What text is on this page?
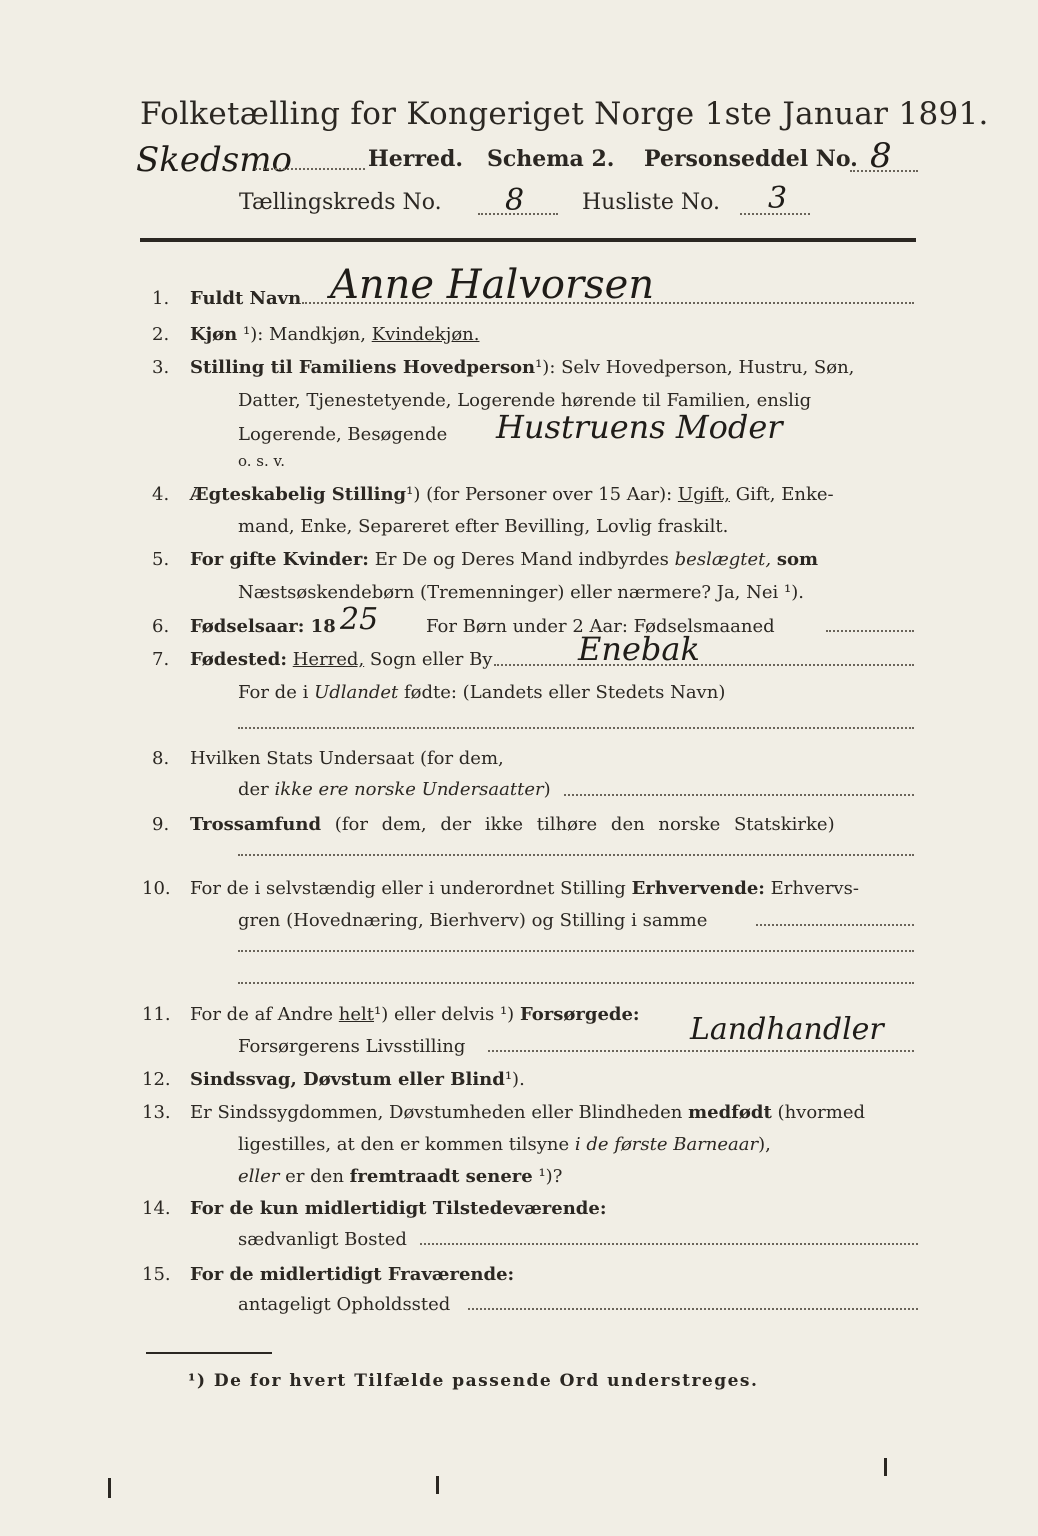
Folketælling for Kongeriget Norge 1ste Januar 1891.
Skedsmo	Herred. Schema 2. Personseddel No. 8
Tællingskreds No. 8	Husliste No. 3
1. Fuldt Navn Anne Halvorsen
2. Kjøn ¹): Mandkjøn, Kvindekjøn.
3. Stilling til Familiens Hovedperson¹): Selv Hovedperson, Hustru, Søn,
Datter, Tjenestetyende, Logerende hørende til Familien, enslig
Logerende, Besøgende Hustruens Moder
o. s. v.
4. Ægteskabelig Stilling¹) (for Personer over 15 Aar): Ugift, Gift, Enke-
mand, Enke, Separeret efter Bevilling, Lovlig fraskilt.
5. For gifte Kvinder: Er De og Deres Mand indbyrdes beslægtet, som
Næstsøskendebørn (Tremenninger) eller nærmere? Ja, Nei ¹).
6. Fødselsaar: 18 25	For Børn under 2 Aar: Fødselsmaaned
7. Fødested: Herred, Sogn eller By	Enebak
For de i Udlandet fødte: (Landets eller Stedets Navn)
8. Hvilken Stats Undersaat (for dem,
der ikke ere norske Undersaatter)
9. Trossamfund (for dem, der ikke tilhøre den norske Statskirke)
10. For de i selvstændig eller i underordnet Stilling Erhvervende: Erhvervs-
gren (Hovednæring, Bierhverv) og Stilling i samme
11. For de af Andre helt¹) eller delvis ¹) Forsørgede:
Forsørgerens Livsstilling	Landhandler
12. Sindssvag, Døvstum eller Blind¹).
13. Er Sindssygdommen, Døvstumheden eller Blindheden medfødt (hvormed
ligestilles, at den er kommen tilsyne i de første Barneaar),
eller er den fremtraadt senere ¹)?
14. For de kun midlertidigt Tilstedeværende:
sædvanligt Bosted
15. For de midlertidigt Fraværende:
antageligt Opholdssted
¹) De for hvert Tilfælde passende Ord understreges.
